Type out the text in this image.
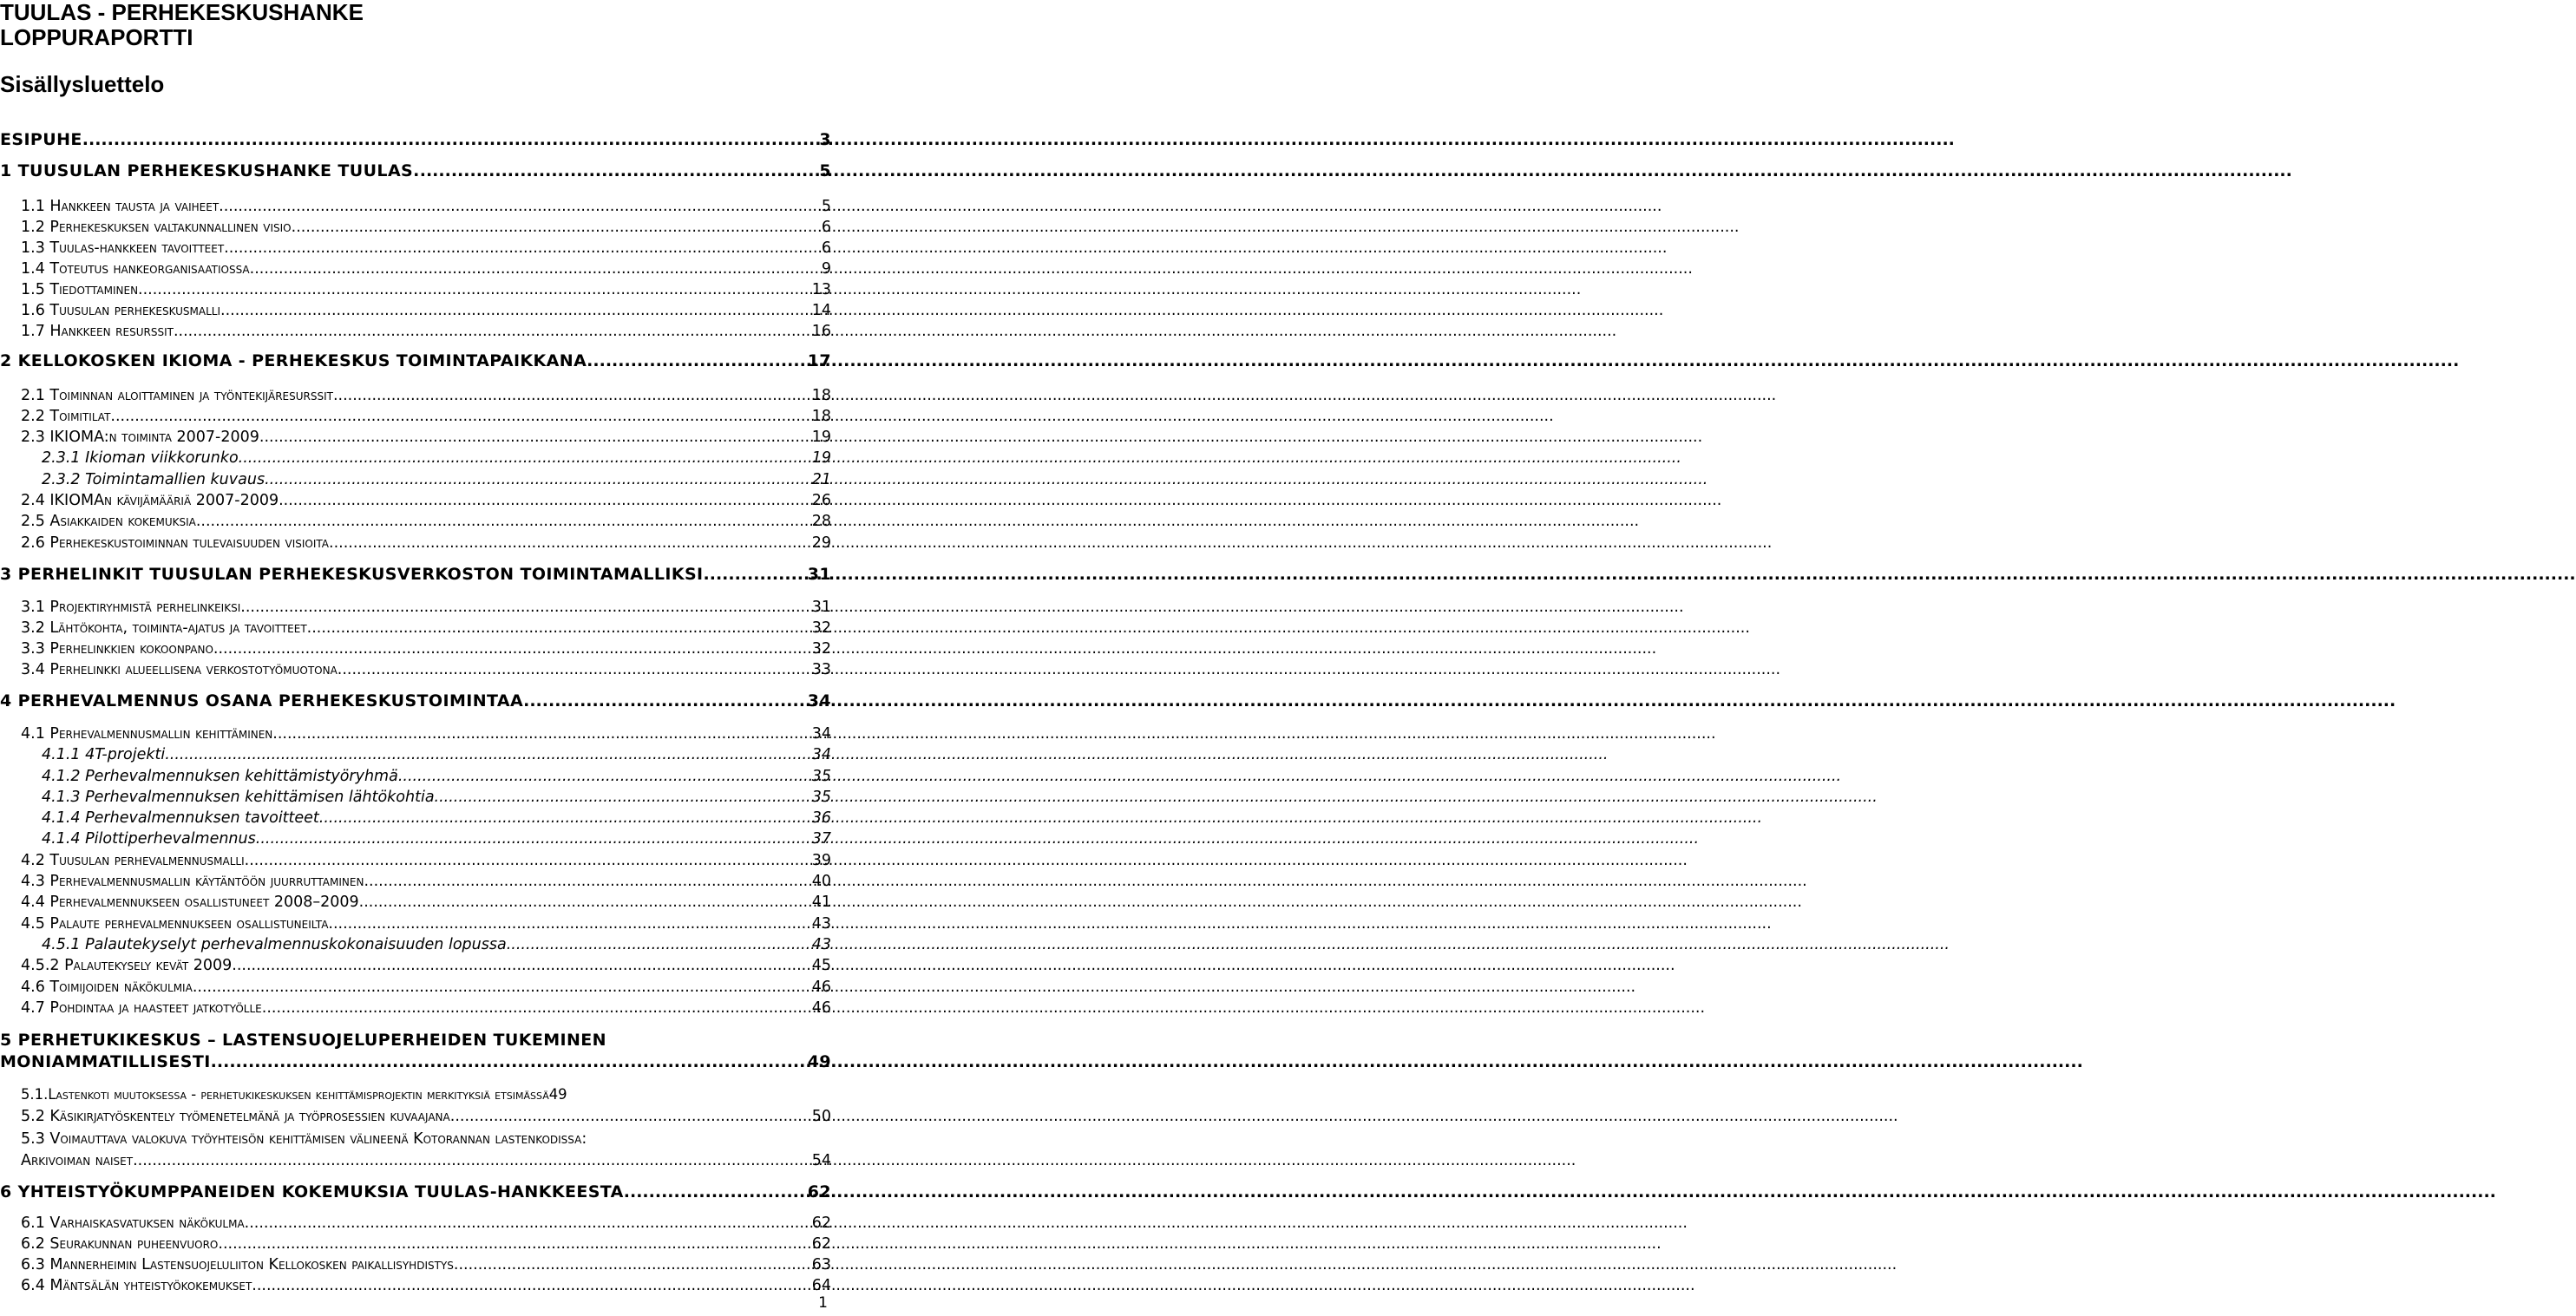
TUULAS - PERHEKESKUSHANKE
LOPPURAPORTTI
Sisällysluettelo
ESIPUHE .....	3
1 TUUSULAN PERHEKESKUSHANKE TUULAS. .....	5
1.1 Hankkeen tausta ja vaiheet .....	5
1.2 Perhekeskuksen valtakunnallinen visio. .....	6
1.3 Tuulas-hankkeen tavoitteet .....	6
1.4 Toteutus hankeorganisaatiossa .....	9
1.5 Tiedottaminen .....	13
1.6 Tuusulan perhekeskusmalli .....	14
1.7 Hankkeen resurssit .....	16
2 KELLOKOSKEN IKIOMA - PERHEKESKUS TOIMINTAPAIKKANA .....	17
2.1 Toiminnan aloittaminen ja työntekijäresurssit .....	18
2.2 Toimitilat .....	18
2.3 IKIOMA:n toiminta 2007-2009 .....	19
2.3.1 Ikioman viikkorunko .....	19
2.3.2 Toimintamallien kuvaus .....	21
2.4 IKIOMAn kävijämääriä 2007-2009 .....	26
2.5 Asiakkaiden kokemuksia .....	28
2.6 Perhekeskustoiminnan tulevaisuuden visioita .....	29
3 PERHELINKIT TUUSULAN PERHEKESKUSVERKOSTON TOIMINTAMALLIKSI .....	31
3.1 Projektiryhmistä perhelinkeiksi .....	31
3.2 Lähtökohta, toiminta-ajatus ja tavoitteet .....	32
3.3 Perhelinkkien kokoonpano .....	32
3.4 Perhelinkki alueellisena verkostotyömuotona .....	33
4 PERHEVALMENNUS OSANA PERHEKESKUSTOIMINTAA .....	34
4.1 Perhevalmennusmallin kehittäminen .....	34
4.1.1 4T-projekti .....	34
4.1.2 Perhevalmennuksen kehittämistyöryhmä .....	35
4.1.3 Perhevalmennuksen kehittämisen lähtökohtia .....	35
4.1.4 Perhevalmennuksen tavoitteet .....	36
4.1.4 Pilottiperhevalmennus .....	37
4.2 Tuusulan perhevalmennusmalli .....	39
4.3 Perhevalmennusmallin käytäntöön juurruttaminen .....	40
4.4 Perhevalmennukseen osallistuneet 2008–2009 .....	41
4.5 Palaute perhevalmennukseen osallistuneilta .....	43
4.5.1 Palautekyselyt perhevalmennuskokonaisuuden lopussa .....	43
4.5.2 Palautekysely kevät 2009 .....	45
4.6 Toimijoiden näkökulmia .....	46
4.7 Pohdintaa ja haasteet jatkotyölle .....	46
5 PERHETUKIKESKUS – LASTENSUOJELUPERHEIDEN TUKEMINEN
MONIAMMATILLISESTI .....	49
5.1.Lastenkoti muutoksessa - perhetukikeskuksen kehittämisprojektin merkityksiä etsimässä 49
5.2 Käsikirjatyöskentely työmenetelmänä ja työprosessien kuvaajana. .....	50
5.3 Voimauttava valokuva työyhteisön kehittämisen välineenä Kotorannan lastenkodissa:
Arkivoiman naiset .....	54
6 YHTEISTYÖKUMPPANEIDEN KOKEMUKSIA TUULAS-HANKKEESTA .....	62
6.1 Varhaiskasvatuksen näkökulma .....	62
6.2 Seurakunnan puheenvuoro .....	62
6.3 Mannerheimin Lastensuojeluliiton Kellokosken paikallisyhdistys .....	63
6.4 Mäntsälän yhteistyökokemukset .....	64
1
